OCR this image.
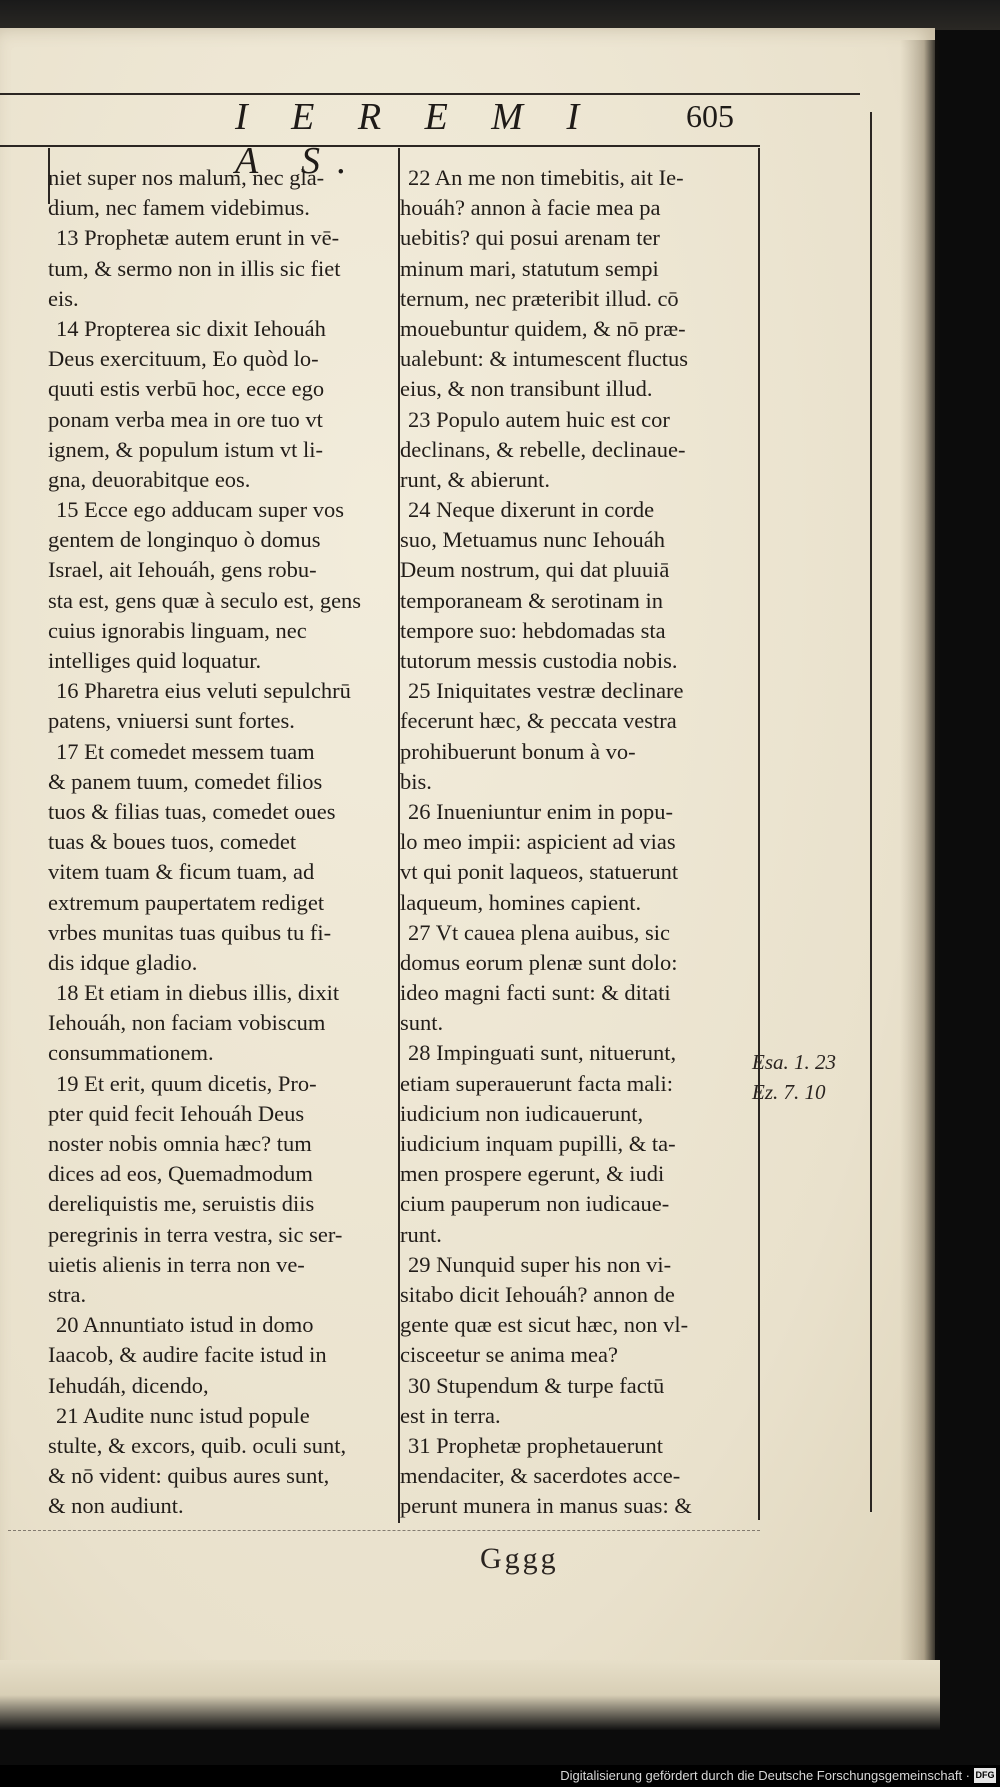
I E R E M I A S.
605
niet super nos malum, nec gla-
dium, nec famem videbimus.
13 Prophetæ autem erunt in vē-
tum, & sermo non in illis sic fiet
eis.
14 Propterea sic dixit Iehouáh
Deus exercituum, Eo quòd lo-
quuti estis verbū hoc, ecce ego
ponam verba mea in ore tuo vt
ignem, & populum istum vt li-
gna, deuorabitque eos.
15 Ecce ego adducam super vos
gentem de longinquo ò domus
Israel, ait Iehouáh, gens robu-
sta est, gens quæ à seculo est, gens
cuius ignorabis linguam, nec
intelliges quid loquatur.
16 Pharetra eius veluti sepulchrū
patens, vniuersi sunt fortes.
17 Et comedet messem tuam
& panem tuum, comedet filios
tuos & filias tuas, comedet oues
tuas & boues tuos, comedet
vitem tuam & ficum tuam, ad
extremum paupertatem rediget
vrbes munitas tuas quibus tu fi-
dis idque gladio.
18 Et etiam in diebus illis, dixit
Iehouáh, non faciam vobiscum
consummationem.
19 Et erit, quum dicetis, Pro-
pter quid fecit Iehouáh Deus
noster nobis omnia hæc? tum
dices ad eos, Quemadmodum
dereliquistis me, seruistis diis
peregrinis in terra vestra, sic ser-
uietis alienis in terra non ve-
stra.
20 Annuntiato istud in domo
Iaacob, & audire facite istud in
Iehudáh, dicendo,
21 Audite nunc istud popule
stulte, & excors, quib. oculi sunt,
& nō vident: quibus aures sunt,
& non audiunt.
22 An me non timebitis, ait Ie-
houáh? annon à facie mea pa
uebitis? qui posui arenam ter
minum mari, statutum sempi
ternum, nec præteribit illud. cō
mouebuntur quidem, & nō præ-
ualebunt: & intumescent fluctus
eius, & non transibunt illud.
23 Populo autem huic est cor
declinans, & rebelle, declinaue-
runt, & abierunt.
24 Neque dixerunt in corde
suo, Metuamus nunc Iehouáh
Deum nostrum, qui dat pluuiā
temporaneam & serotinam in
tempore suo: hebdomadas sta
tutorum messis custodia nobis.
25 Iniquitates vestræ declinare
fecerunt hæc, & peccata vestra
prohibuerunt bonum à vo-
bis.
26 Inueniuntur enim in popu-
lo meo impii: aspicient ad vias
vt qui ponit laqueos, statuerunt
laqueum, homines capient.
27 Vt cauea plena auibus, sic
domus eorum plenæ sunt dolo:
ideo magni facti sunt: & ditati
sunt.
28 Impinguati sunt, nituerunt,
etiam superauerunt facta mali:
iudicium non iudicauerunt,
iudicium inquam pupilli, & ta-
men prospere egerunt, & iudi
cium pauperum non iudicaue-
runt.
29 Nunquid super his non vi-
sitabo dicit Iehouáh? annon de
gente quæ est sicut hæc, non vl-
cisceetur se anima mea?
30 Stupendum & turpe factū
est in terra.
31 Prophetæ prophetauerunt
mendaciter, & sacerdotes acce-
perunt munera in manus suas: &
Esa. 1. 23
Ez. 7. 10
Gggg
Digitalisierung gefördert durch die Deutsche Forschungsgemeinschaft · DFG
